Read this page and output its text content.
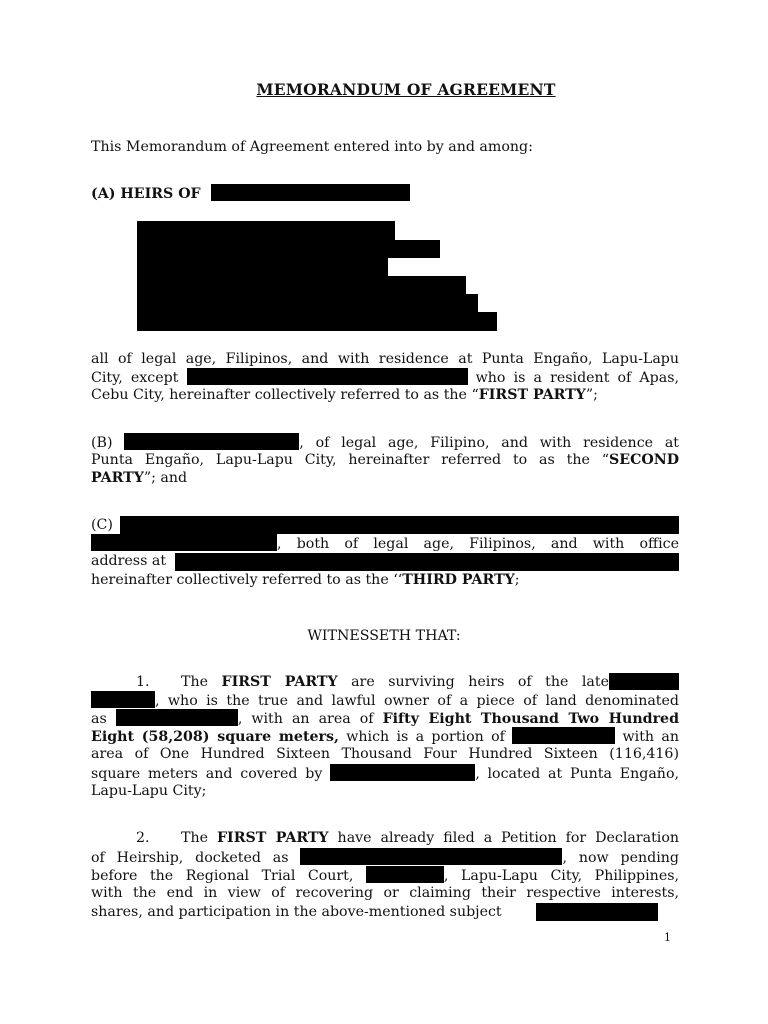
MEMORANDUM OF AGREEMENT
This Memorandum of Agreement entered into by and among:
(A) HEIRS OF
all of legal age, Filipinos, and with residence at Punta Engaño, Lapu-Lapu
City, except	who is a resident of Apas,
Cebu City, hereinafter collectively referred to as the “FIRST PARTY”;
(B)	, of legal age, Filipino, and with residence at
Punta Engaño, Lapu-Lapu City, hereinafter referred to as the “SECOND
PARTY”; and
(C)
, both of legal age, Filipinos, and with office
address at
hereinafter collectively referred to as the ‘‘THIRD PARTY;
WITNESSETH THAT:
1. The FIRST PARTY are surviving heirs of the late
, who is the true and lawful owner of a piece of land denominated
as	, with an area of Fifty Eight Thousand Two Hundred
Eight (58,208) square meters, which is a portion of	with an
area of One Hundred Sixteen Thousand Four Hundred Sixteen (116,416)
square meters and covered by	, located at Punta Engaño,
Lapu-Lapu City;
2. The FIRST PARTY have already filed a Petition for Declaration
of Heirship, docketed as	, now pending
before the Regional Trial Court,	, Lapu-Lapu City, Philippines,
with the end in view of recovering or claiming their respective interests,
shares, and participation in the above-mentioned subject
1
